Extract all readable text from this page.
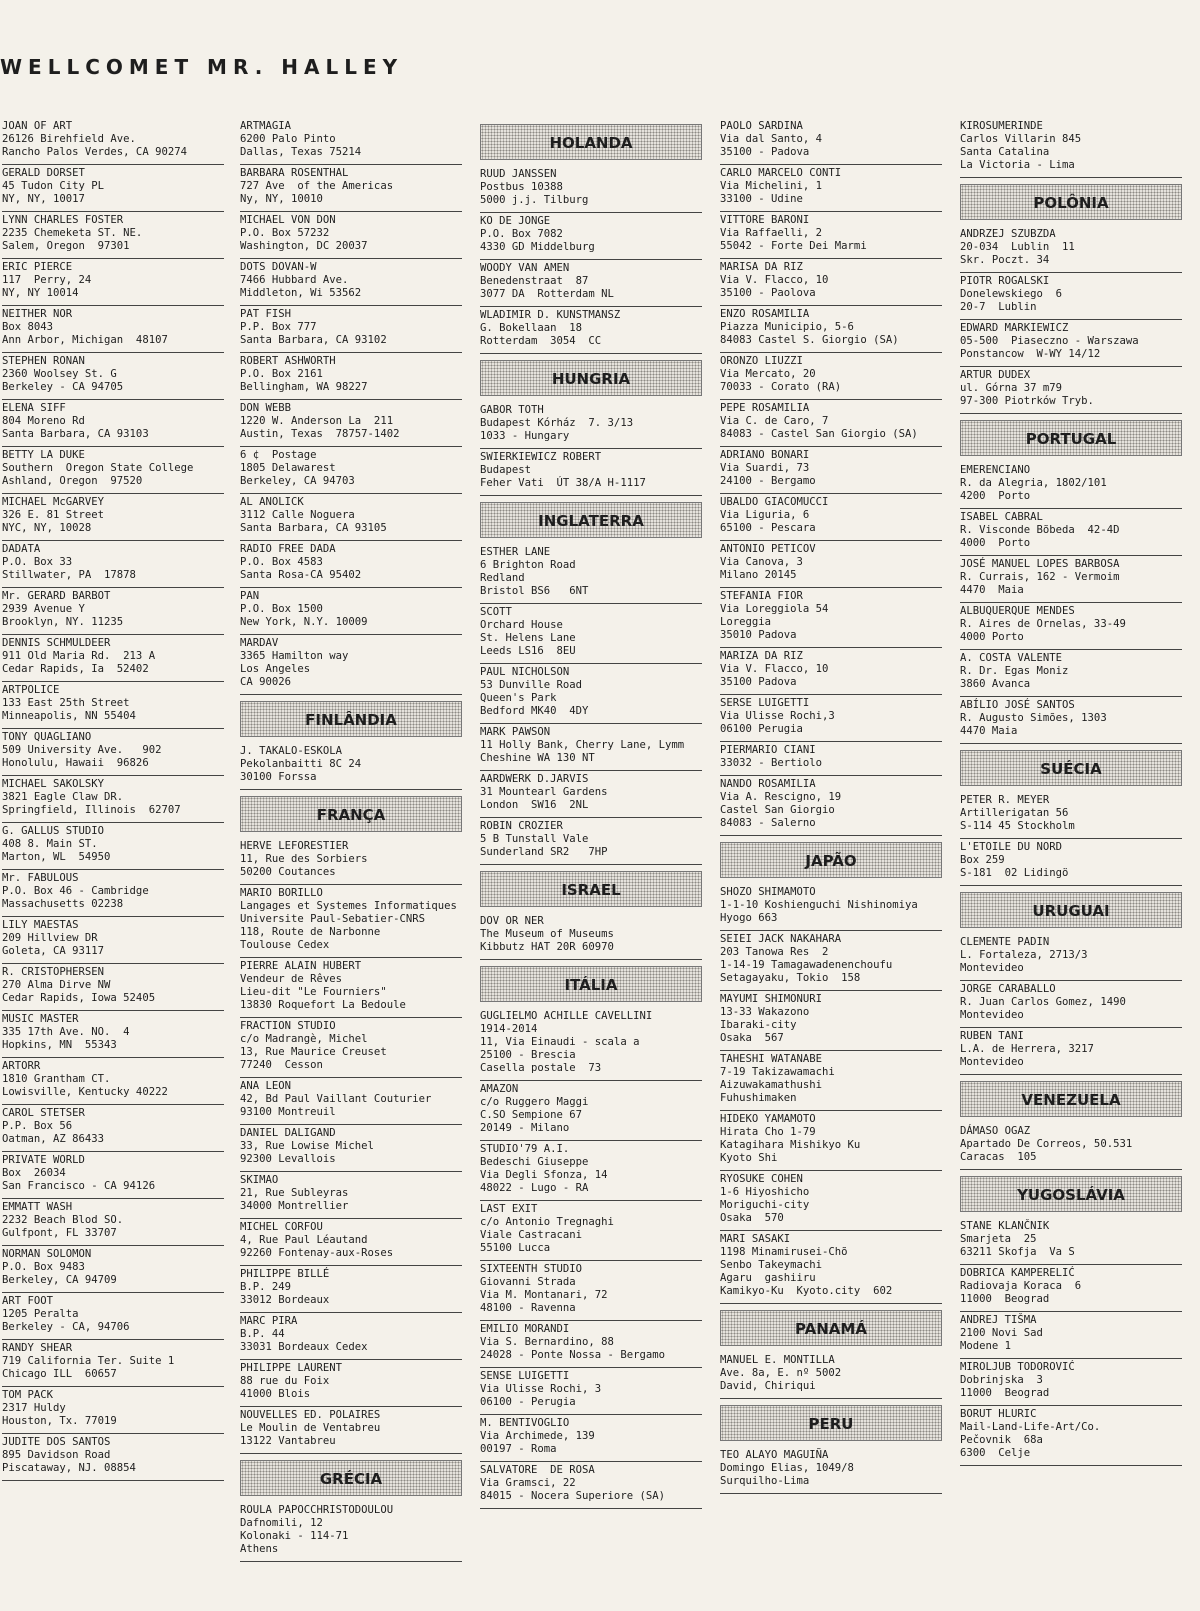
WELLCOMET MR. HALLEY
JOAN OF ART
26126 Birehfield Ave.
Rancho Palos Verdes, CA 90274
GERALD DORSET
45 Tudon City PL
NY, NY, 10017
LYNN CHARLES FOSTER
2235 Chemeketa ST. NE.
Salem, Oregon  97301
ERIC PIERCE
117  Perry, 24
NY, NY 10014
NEITHER NOR
Box 8043
Ann Arbor, Michigan  48107
STEPHEN RONAN
2360 Woolsey St. G
Berkeley - CA 94705
ELENA SIFF
804 Moreno Rd
Santa Barbara, CA 93103
BETTY LA DUKE
Southern  Oregon State College
Ashland, Oregon  97520
MICHAEL McGARVEY
326 E. 81 Street
NYC, NY, 10028
DADATA
P.O. Box 33
Stillwater, PA  17878
Mr. GERARD BARBOT
2939 Avenue Y
Brooklyn, NY. 11235
DENNIS SCHMULDEER
911 Old Maria Rd.  213 A
Cedar Rapids, Ia  52402
ARTPOLICE
133 East 25th Street
Minneapolis, NN 55404
TONY QUAGLIANO
509 University Ave.   902
Honolulu, Hawaii  96826
MICHAEL SAKOLSKY
3821 Eagle Claw DR.
Springfield, Illinois  62707
G. GALLUS STUDIO
408 8. Main ST.
Marton, WL  54950
Mr. FABULOUS
P.O. Box 46 - Cambridge
Massachusetts 02238
LILY MAESTAS
209 Hillview DR
Goleta, CA 93117
R. CRISTOPHERSEN
270 Alma Dirve NW
Cedar Rapids, Iowa 52405
MUSIC MASTER
335 17th Ave. NO.  4
Hopkins, MN  55343
ARTORR
1810 Grantham CT.
Lowisville, Kentucky 40222
CAROL STETSER
P.P. Box 56
Oatman, AZ 86433
PRIVATE WORLD
Box  26034
San Francisco - CA 94126
EMMATT WASH
2232 Beach Blod SO.
Gulfpont, FL 33707
NORMAN SOLOMON
P.O. Box 9483
Berkeley, CA 94709
ART FOOT
1205 Peralta
Berkeley - CA, 94706
RANDY SHEAR
719 California Ter. Suite 1
Chicago ILL  60657
TOM PACK
2317 Huldy
Houston, Tx. 77019
JUDITE DOS SANTOS
895 Davidson Road
Piscataway, NJ. 08854
ARTMAGIA
6200 Palo Pinto
Dallas, Texas 75214
BARBARA ROSENTHAL
727 Ave  of the Americas
Ny, NY, 10010
MICHAEL VON DON
P.O. Box 57232
Washington, DC 20037
DOTS DOVAN-W
7466 Hubbard Ave.
Middleton, Wi 53562
PAT FISH
P.P. Box 777
Santa Barbara, CA 93102
ROBERT ASHWORTH
P.O. Box 2161
Bellingham, WA 98227
DON WEBB
1220 W. Anderson La  211
Austin, Texas  78757-1402
6 ¢  Postage
1805 Delawarest
Berkeley, CA 94703
AL ANOLICK
3112 Calle Noguera
Santa Barbara, CA 93105
RADIO FREE DADA
P.O. Box 4583
Santa Rosa-CA 95402
PAN
P.O. Box 1500
New York, N.Y. 10009
MARDAV
3365 Hamilton way
Los Angeles
CA 90026
FINLÂNDIA
J. TAKALO-ESKOLA
Pekolanbaitti 8C 24
30100 Forssa
FRANÇA
HERVE LEFORESTIER
11, Rue des Sorbiers
50200 Coutances
MARIO BORILLO
Langages et Systemes Informatiques
Universite Paul-Sebatier-CNRS
118, Route de Narbonne
Toulouse Cedex
PIERRE ALAIN HUBERT
Vendeur de Rêves
Lieu-dit "Le Fourniers"
13830 Roquefort La Bedoule
FRACTION STUDIO
c/o Madrangè, Michel
13, Rue Maurice Creuset
77240  Cesson
ANA LEON
42, Bd Paul Vaillant Couturier
93100 Montreuil
DANIEL DALIGAND
33, Rue Lowise Michel
92300 Levallois
SKIMAO
21, Rue Subleyras
34000 Montrellier
MICHEL CORFOU
4, Rue Paul Léautand
92260 Fontenay-aux-Roses
PHILIPPE BILLÉ
B.P. 249
33012 Bordeaux
MARC PIRA
B.P. 44
33031 Bordeaux Cedex
PHILIPPE LAURENT
88 rue du Foix
41000 Blois
NOUVELLES ED. POLAIRES
Le Moulin de Ventabreu
13122 Vantabreu
GRÉCIA
ROULA PAPOCCHRISTODOULOU
Dafnomili, 12
Kolonaki - 114-71
Athens
HOLANDA
RUUD JANSSEN
Postbus 10388
5000 j.j. Tilburg
KO DE JONGE
P.O. Box 7082
4330 GD Middelburg
WOODY VAN AMEN
Benedenstraat  87
3077 DA  Rotterdam NL
WLADIMIR D. KUNSTMANSZ
G. Bokellaan  18
Rotterdam  3054  CC
HUNGRIA
GABOR TOTH
Budapest Kórház  7. 3/13
1033 - Hungary
SWIERKIEWICZ ROBERT
Budapest
Feher Vati  ÚT 38/A H-1117
INGLATERRA
ESTHER LANE
6 Brighton Road
Redland
Bristol BS6   6NT
SCOTT
Orchard House
St. Helens Lane
Leeds LS16  8EU
PAUL NICHOLSON
53 Dunville Road
Queen's Park
Bedford MK40  4DY
MARK PAWSON
11 Holly Bank, Cherry Lane, Lymm
Cheshine WA 130 NT
AARDWERK D.JARVIS
31 Mountearl Gardens
London  SW16  2NL
ROBIN CROZIER
5 B Tunstall Vale
Sunderland SR2   7HP
ISRAEL
DOV OR NER
The Museum of Museums
Kibbutz HAT 20R 60970
ITÁLIA
GUGLIELMO ACHILLE CAVELLINI
1914-2014
11, Via Einaudi - scala a
25100 - Brescia
Casella postale  73
AMAZON
c/o Ruggero Maggi
C.SO Sempione 67
20149 - Milano
STUDIO'79 A.I.
Bedeschi Giuseppe
Via Degli Sfonza, 14
48022 - Lugo - RA
LAST EXIT
c/o Antonio Tregnaghi
Viale Castracani
55100 Lucca
SIXTEENTH STUDIO
Giovanni Strada
Via M. Montanari, 72
48100 - Ravenna
EMILIO MORANDI
Via S. Bernardino, 88
24028 - Ponte Nossa - Bergamo
SENSE LUIGETTI
Via Ulisse Rochi, 3
06100 - Perugia
M. BENTIVOGLIO
Via Archimede, 139
00197 - Roma
SALVATORE  DE ROSA
Via Gramsci, 22
84015 - Nocera Superiore (SA)
PAOLO SARDINA
Via dal Santo, 4
35100 - Padova
CARLO MARCELO CONTI
Via Michelini, 1
33100 - Udine
VITTORE BARONI
Via Raffaelli, 2
55042 - Forte Dei Marmi
MARISA DA RIZ
Via V. Flacco, 10
35100 - Paolova
ENZO ROSAMILIA
Piazza Municipio, 5-6
84083 Castel S. Giorgio (SA)
ORONZO LIUZZI
Via Mercato, 20
70033 - Corato (RA)
PEPE ROSAMILIA
Via C. de Caro, 7
84083 - Castel San Giorgio (SA)
ADRIANO BONARI
Via Suardi, 73
24100 - Bergamo
UBALDO GIACOMUCCI
Via Liguria, 6
65100 - Pescara
ANTONIO PETICOV
Via Canova, 3
Milano 20145
STEFANIA FIOR
Via Loreggiola 54
Loreggia
35010 Padova
MARIZA DA RIZ
Via V. Flacco, 10
35100 Padova
SERSE LUIGETTI
Via Ulisse Rochi,3
06100 Perugia
PIERMARIO CIANI
33032 - Bertiolo
NANDO ROSAMILIA
Via A. Rescigno, 19
Castel San Giorgio
84083 - Salerno
JAPÃO
SHOZO SHIMAMOTO
1-1-10 Koshienguchi Nishinomiya
Hyogo 663
SEIEI JACK NAKAHARA
203 Tanowa Res  2
1-14-19 Tamagawadenenchoufu
Setagayaku, Tokio  158
MAYUMI SHIMONURI
13-33 Wakazono
Ibaraki-city
Osaka  567
TAHESHI WATANABE
7-19 Takizawamachi
Aizuwakamathushi
Fuhushimaken
HIDEKO YAMAMOTO
Hirata Cho 1-79
Katagihara Mishikyo Ku
Kyoto Shi
RYOSUKE COHEN
1-6 Hiyoshicho
Moriguchi-city
Osaka  570
MARI SASAKI
1198 Minamirusei-Chõ
Senbo Takeymachi
Agaru  gashiiru
Kamikyo-Ku  Kyoto.city  602
PANAMÁ
MANUEL E. MONTILLA
Ave. 8a, E. nº 5002
David, Chiriqui
PERU
TEO ALAYO MAGUIÑA
Domingo Elias, 1049/8
Surquilho-Lima
KIROSUMERINDE
Carlos Villarin 845
Santa Catalina
La Victoria - Lima
POLÔNIA
ANDRZEJ SZUBZDA
20-034  Lublin  11
Skr. Poczt. 34
PIOTR ROGALSKI
Donelewskiego  6
20-7  Lublin
EDWARD MARKIEWICZ
05-500  Piaseczno - Warszawa
Ponstancow  W-WY 14/12
ARTUR DUDEX
ul. Górna 37 m79
97-300 Piotrków Tryb.
PORTUGAL
EMERENCIANO
R. da Alegria, 1802/101
4200  Porto
ISABEL CABRAL
R. Visconde Bõbeda  42-4D
4000  Porto
JOSÉ MANUEL LOPES BARBOSA
R. Currais, 162 - Vermoim
4470  Maia
ALBUQUERQUE MENDES
R. Aires de Ornelas, 33-49
4000 Porto
A. COSTA VALENTE
R. Dr. Egas Moniz
3860 Avanca
ABÍLIO JOSÉ SANTOS
R. Augusto Simões, 1303
4470 Maia
SUÉCIA
PETER R. MEYER
Artillerigatan 56
S-114 45 Stockholm
L'ETOILE DU NORD
Box 259
S-181  02 Lidingö
URUGUAI
CLEMENTE PADIN
L. Fortaleza, 2713/3
Montevideo
JORGE CARABALLO
R. Juan Carlos Gomez, 1490
Montevideo
RUBEN TANI
L.A. de Herrera, 3217
Montevideo
VENEZUELA
DÁMASO OGAZ
Apartado De Correos, 50.531
Caracas  105
YUGOSLÁVIA
STANE KLANČNIK
Smarjeta  25
63211 Skofja  Va S
DOBRICA KAMPERELIĆ
Radiovaja Koraca  6
11000  Beograd
ANDREJ TIŠMA
2100 Novi Sad
Modene 1
MIROLJUB TODOROVIĆ
Dobrinjska  3
11000  Beograd
BORUT HLURIC
Mail-Land-Life-Art/Co.
Pečovnik  68a
6300  Celje
